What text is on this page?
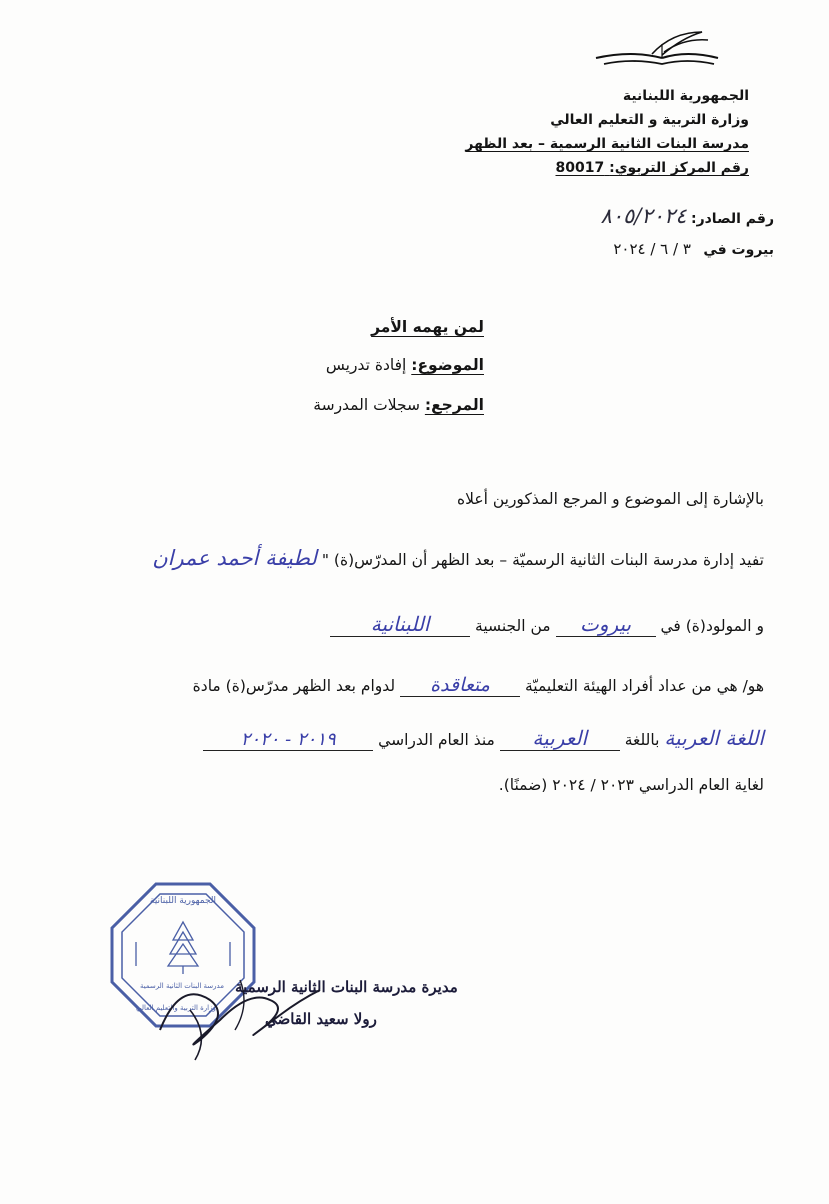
الجمهورية اللبنانية
وزارة التربية و التعليم العالي
مدرسة البنات الثانية الرسمية – بعد الظهر
رقم المركز التربوي: 80017
رقم الصادر: ٨٠٥/٢٠٢٤
بيروت في ٣ / ٦ / ٢٠٢٤
لمن يهمه الأمر
الموضوع: إفادة تدريس
المرجع: سجلات المدرسة
بالإشارة إلى الموضوع و المرجع المذكورين أعلاه
تفيد إدارة مدرسة البنات الثانية الرسميّة – بعد الظهر أن المدرّس(ة) " لطيفة أحمد عمران
و المولود(ة) في بيروت من الجنسية اللبنانية
هو/ هي من عداد أفراد الهيئة التعليميّة متعاقدة لدوام بعد الظهر مدرّس(ة) مادة
اللغة العربية باللغة العربية منذ العام الدراسي ٢٠١٩ - ٢٠٢٠
لغاية العام الدراسي ٢٠٢٣ / ٢٠٢٤ (ضمنًا).
الجمهورية اللبنانية
مدرسة البنات الثانية الرسمية
وزارة التربية والتعليم العالي
مديرة مدرسة البنات الثانية الرسمية
رولا سعيد القاضي
